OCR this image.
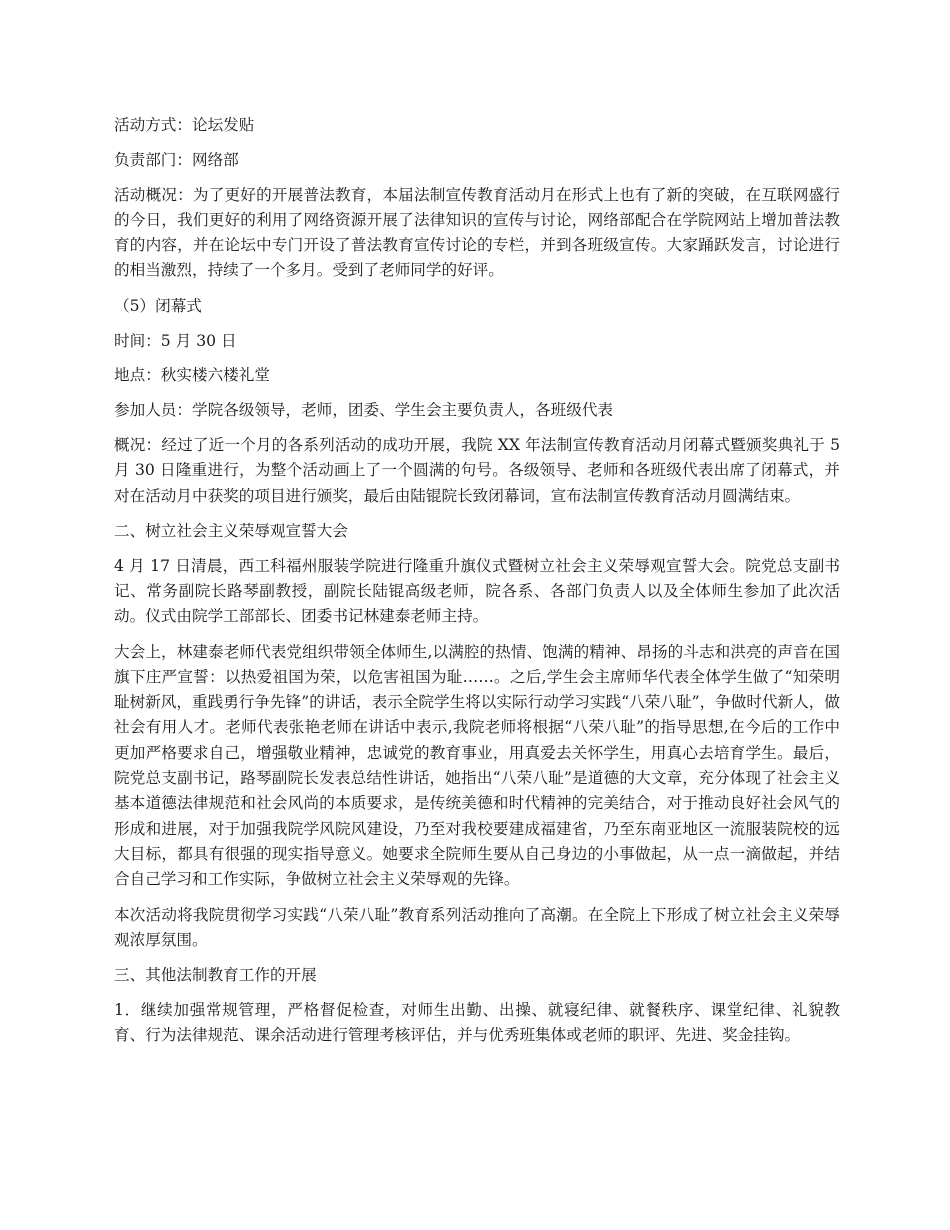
活动方式：论坛发贴

负责部门：网络部

活动概况：为了更好的开展普法教育，本届法制宣传教育活动月在形式上也有了新的突破，在互联网盛行的今日，我们更好的利用了网络资源开展了法律知识的宣传与讨论，网络部配合在学院网站上增加普法教育的内容，并在论坛中专门开设了普法教育宣传讨论的专栏，并到各班级宣传。大家踊跃发言，讨论进行的相当激烈，持续了一个多月。受到了老师同学的好评。

（5）闭幕式

时间：5 月 30 日

地点：秋实楼六楼礼堂

参加人员：学院各级领导，老师，团委、学生会主要负责人，各班级代表

概况：经过了近一个月的各系列活动的成功开展，我院 XX 年法制宣传教育活动月闭幕式暨颁奖典礼于 5 月 30 日隆重进行，为整个活动画上了一个圆满的句号。各级领导、老师和各班级代表出席了闭幕式，并对在活动月中获奖的项目进行颁奖，最后由陆锟院长致闭幕词，宣布法制宣传教育活动月圆满结束。

二、树立社会主义荣辱观宣誓大会

4 月 17 日清晨，西工科福州服装学院进行隆重升旗仪式暨树立社会主义荣辱观宣誓大会。院党总支副书记、常务副院长路琴副教授，副院长陆锟高级老师，院各系、各部门负责人以及全体师生参加了此次活动。仪式由院学工部部长、团委书记林建泰老师主持。

大会上，林建泰老师代表党组织带领全体师生,以满腔的热情、饱满的精神、昂扬的斗志和洪亮的声音在国旗下庄严宣誓：以热爱祖国为荣，以危害祖国为耻……。之后,学生会主席师华代表全体学生做了“知荣明耻树新风，重践勇行争先锋”的讲话，表示全院学生将以实际行动学习实践“八荣八耻”，争做时代新人，做社会有用人才。老师代表张艳老师在讲话中表示,我院老师将根据“八荣八耻”的指导思想,在今后的工作中更加严格要求自己，增强敬业精神，忠诚党的教育事业，用真爱去关怀学生，用真心去培育学生。最后，院党总支副书记，路琴副院长发表总结性讲话，她指出“八荣八耻”是道德的大文章，充分体现了社会主义基本道德法律规范和社会风尚的本质要求，是传统美德和时代精神的完美结合，对于推动良好社会风气的形成和进展，对于加强我院学风院风建设，乃至对我校要建成福建省，乃至东南亚地区一流服装院校的远大目标，都具有很强的现实指导意义。她要求全院师生要从自己身边的小事做起，从一点一滴做起，并结合自己学习和工作实际，争做树立社会主义荣辱观的先锋。

本次活动将我院贯彻学习实践“八荣八耻”教育系列活动推向了高潮。在全院上下形成了树立社会主义荣辱观浓厚氛围。

三、其他法制教育工作的开展

1．继续加强常规管理，严格督促检查，对师生出勤、出操、就寝纪律、就餐秩序、课堂纪律、礼貌教育、行为法律规范、课余活动进行管理考核评估，并与优秀班集体或老师的职评、先进、奖金挂钩。
